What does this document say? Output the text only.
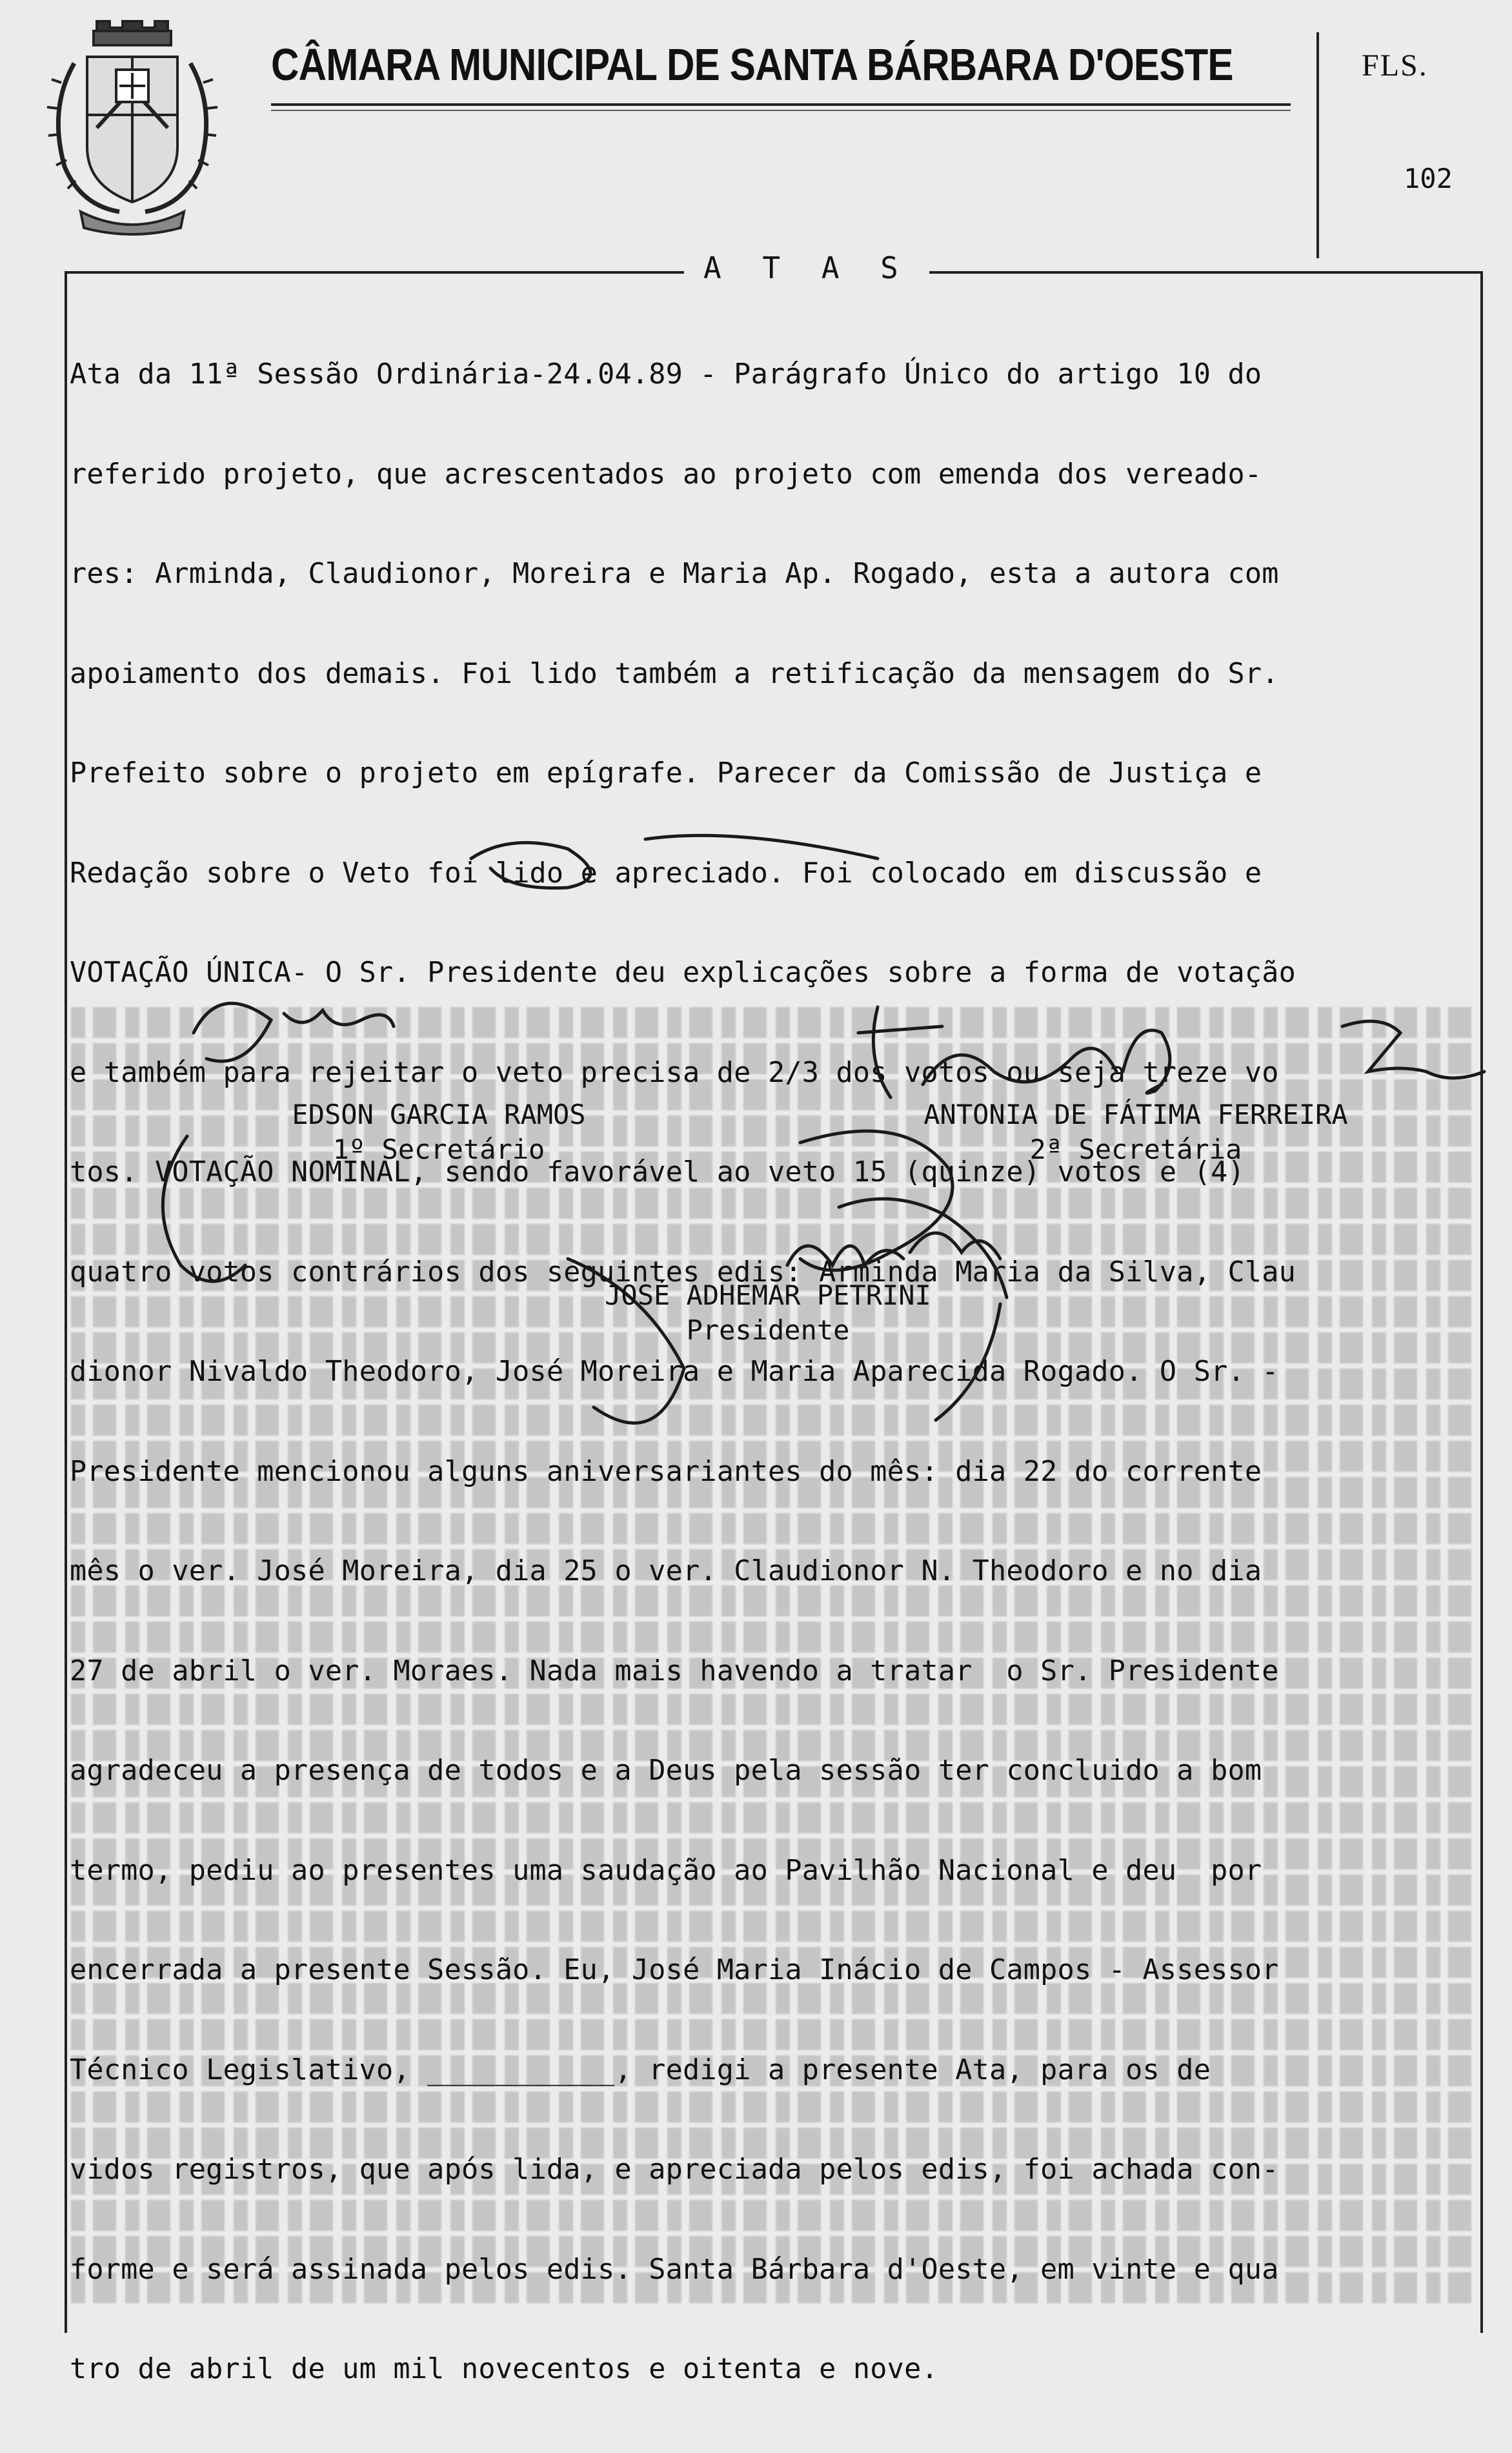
CÂMARA MUNICIPAL DE SANTA BÁRBARA D'OESTE	FLS.
102
A T A S

Ata da 11ª Sessão Ordinária-24.04.89 - Parágrafo Único do artigo 10 do

referido projeto, que acrescentados ao projeto com emenda dos vereado-

res: Arminda, Claudionor, Moreira e Maria Ap. Rogado, esta a autora com

apoiamento dos demais. Foi lido também a retificação da mensagem do Sr.

Prefeito sobre o projeto em epígrafe. Parecer da Comissão de Justiça e

Redação sobre o Veto foi lido e apreciado. Foi colocado em discussão e

VOTAÇÃO ÚNICA- O Sr. Presidente deu explicações sobre a forma de votação

e também para rejeitar o veto precisa de 2/3 dos votos ou seja treze vo

tos. VOTAÇÃO NOMINAL, sendo favorável ao veto 15 (quinze) votos e (4)

quatro votos contrários dos seguintes edis: Arminda Maria da Silva, Clau

dionor Nivaldo Theodoro, José Moreira e Maria Aparecida Rogado. O Sr. -

Presidente mencionou alguns aniversariantes do mês: dia 22 do corrente

mês o ver. José Moreira, dia 25 o ver. Claudionor N. Theodoro e no dia

27 de abril o ver. Moraes. Nada mais havendo a tratar  o Sr. Presidente

agradeceu a presença de todos e a Deus pela sessão ter concluido a bom

termo, pediu ao presentes uma saudação ao Pavilhão Nacional e deu  por

encerrada a presente Sessão. Eu, José Maria Inácio de Campos - Assessor

Técnico Legislativo, ___________, redigi a presente Ata, para os de

vidos registros, que após lida, e apreciada pelos edis, foi achada con-

forme e será assinada pelos edis. Santa Bárbara d'Oeste, em vinte e qua

tro de abril de um mil novecentos e oitenta e nove.

EDSON GARCIA RAMOS
1º Secretário
ANTONIA DE FÁTIMA FERREIRA
2ª Secretária
JOSÉ ADHEMAR PETRINI
Presidente
